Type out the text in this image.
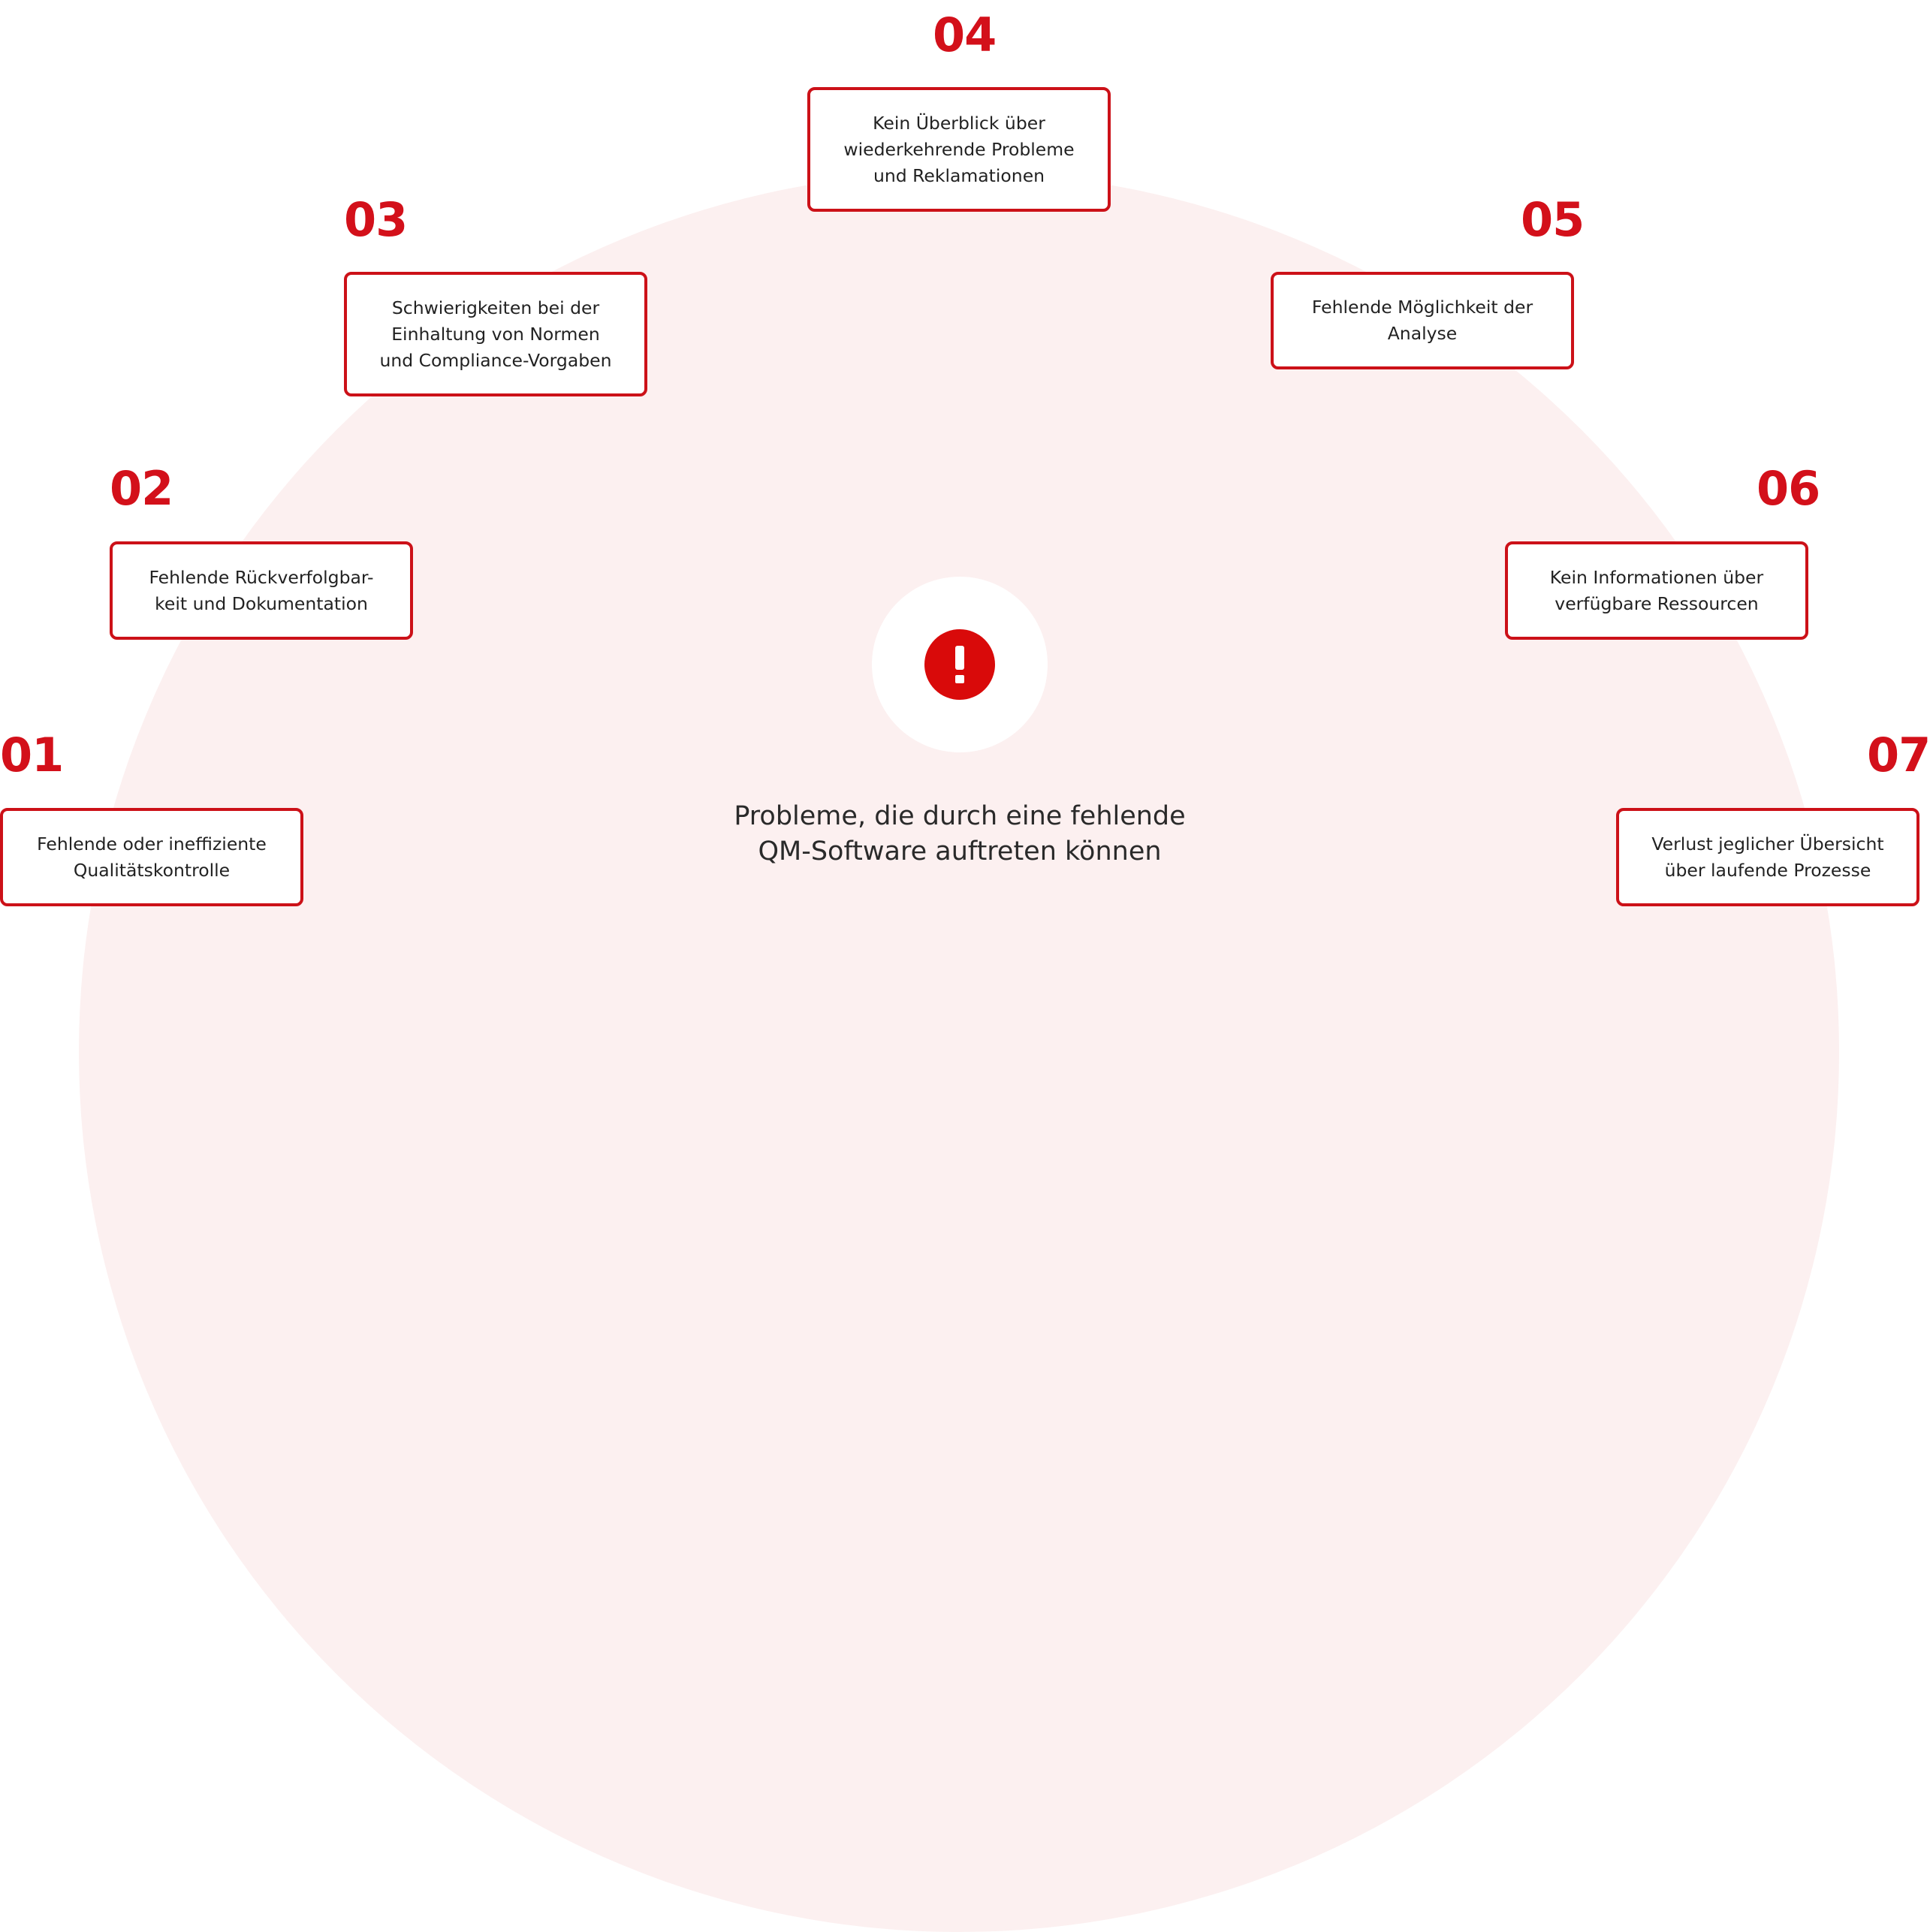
01
Fehlende oder ineffiziente
Qualitätskontrolle
02
Fehlende Rückverfolgbar-
keit und Dokumentation
03
Schwierigkeiten bei der
Einhaltung von Normen
und Compliance-Vorgaben
04
Kein Überblick über
wiederkehrende Probleme
und Reklamationen
05
Fehlende Möglichkeit der
Analyse
06
Kein Informationen über
verfügbare Ressourcen
07
Verlust jeglicher Übersicht
über laufende Prozesse
Probleme, die durch eine fehlende
QM-Software auftreten können
